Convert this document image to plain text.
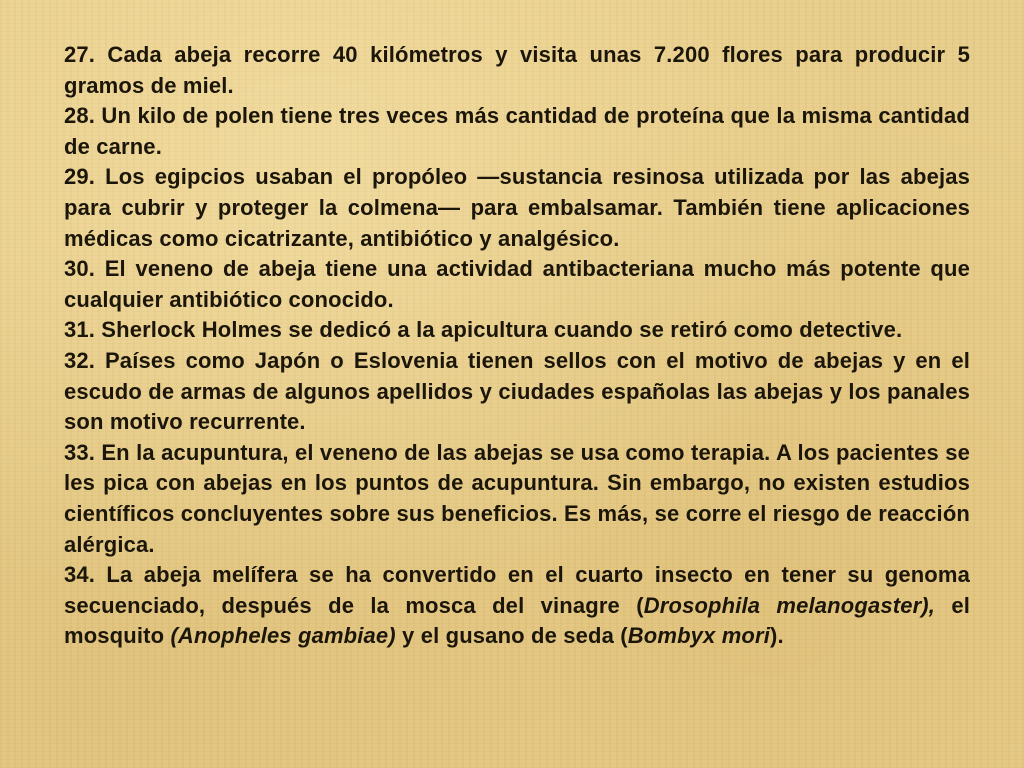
27. Cada abeja recorre 40 kilómetros y visita unas 7.200 flores para producir 5 gramos de miel.

28. Un kilo de polen tiene tres veces más cantidad de proteína que la misma cantidad de carne.

29. Los egipcios usaban el propóleo —sustancia resinosa utilizada por las abejas para cubrir y proteger la colmena— para embalsamar. También tiene aplicaciones médicas como cicatrizante, antibiótico y analgésico.

30. El veneno de abeja tiene una actividad antibacteriana mucho más potente que cualquier antibiótico conocido.

31. Sherlock Holmes se dedicó a la apicultura cuando se retiró como detective.

32. Países como Japón o Eslovenia tienen sellos con el motivo de abejas y en el escudo de armas de algunos apellidos y ciudades españolas las abejas y los panales son motivo recurrente.

33. En la acupuntura, el veneno de las abejas se usa como terapia. A los pacientes se les pica con abejas en los puntos de acupuntura. Sin embargo, no existen estudios científicos concluyentes sobre sus beneficios. Es más, se corre el riesgo de reacción alérgica.

34. La abeja melífera se ha convertido en el cuarto insecto en tener su genoma secuenciado, después de la mosca del vinagre (Drosophila melanogaster), el mosquito (Anopheles gambiae) y el gusano de seda (Bombyx mori).
